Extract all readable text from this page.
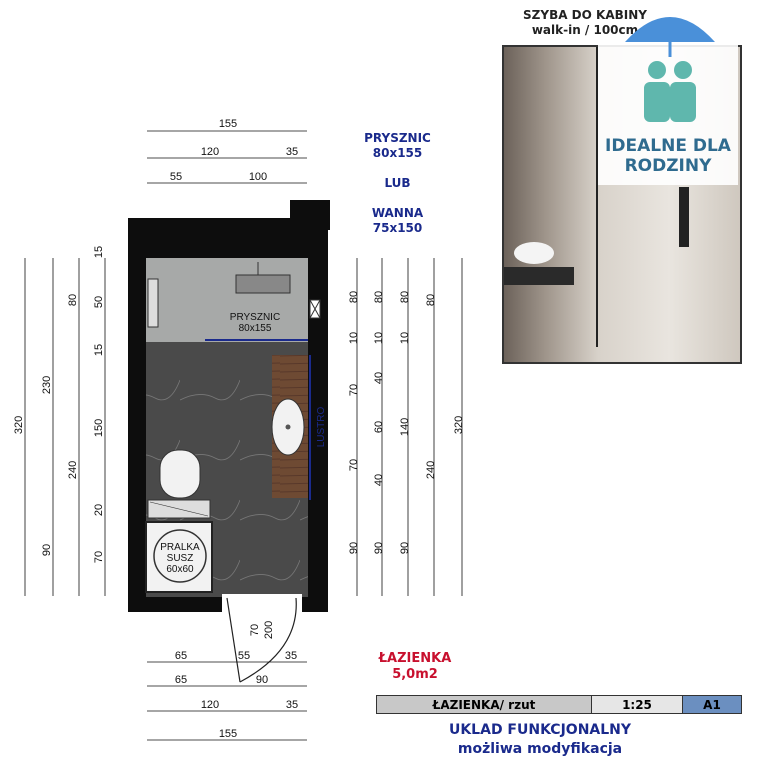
155
120	35
55	100
65	55	35
65	90
120	35
155
70 200
320
230
90
80
240
15
50
15
150
20
70
80
10
70
70
90
80
10
40
60
40
90
80
10
140
90
80
240
320
PRYSZNIC
80x155
PRALKA
SUSZ
60x60
LUSTRO
PRYSZNIC
80x155
LUB
WANNA
75x150
ŁAZIENKA
5,0m2
SZYBA DO KABINY
walk-in / 100cm
IDEALNE DLA
RODZINY
ŁAZIENKA/ rzut	1:25	A1
UKLAD FUNKCJONALNY
możliwa modyfikacja
